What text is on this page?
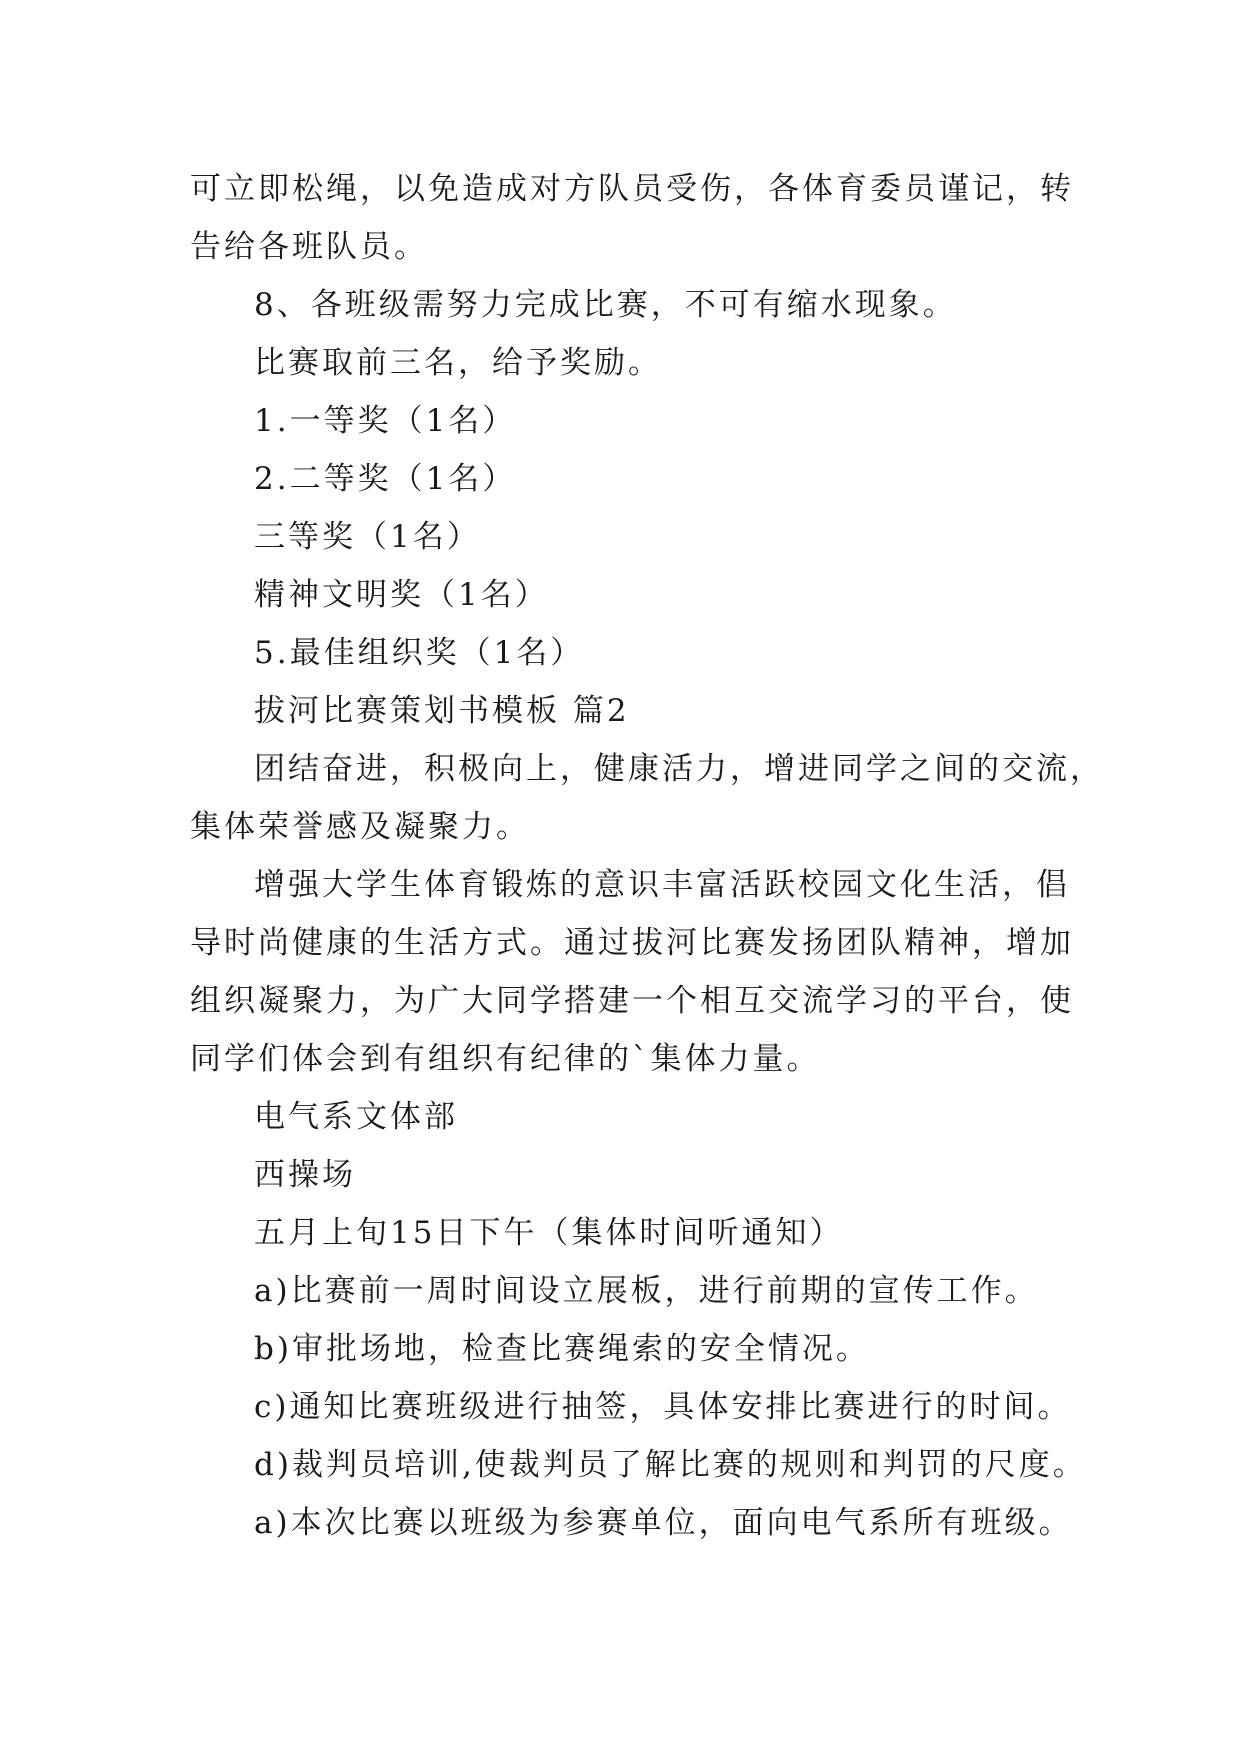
可立即松绳，以免造成对方队员受伤，各体育委员谨记，转
告给各班队员。
8、各班级需努力完成比赛，不可有缩水现象。
比赛取前三名，给予奖励。
1.一等奖（1名）
2.二等奖（1名）
三等奖（1名）
精神文明奖（1名）
5.最佳组织奖（1名）
拔河比赛策划书模板 篇2
团结奋进，积极向上，健康活力，增进同学之间的交流，
集体荣誉感及凝聚力。
增强大学生体育锻炼的意识丰富活跃校园文化生活，倡
导时尚健康的生活方式。通过拔河比赛发扬团队精神，增加
组织凝聚力，为广大同学搭建一个相互交流学习的平台，使
同学们体会到有组织有纪律的`集体力量。
电气系文体部
西操场
五月上旬15日下午（集体时间听通知）
a)比赛前一周时间设立展板，进行前期的宣传工作。
b)审批场地，检查比赛绳索的安全情况。
c)通知比赛班级进行抽签，具体安排比赛进行的时间。
d)裁判员培训,使裁判员了解比赛的规则和判罚的尺度。
a)本次比赛以班级为参赛单位，面向电气系所有班级。
